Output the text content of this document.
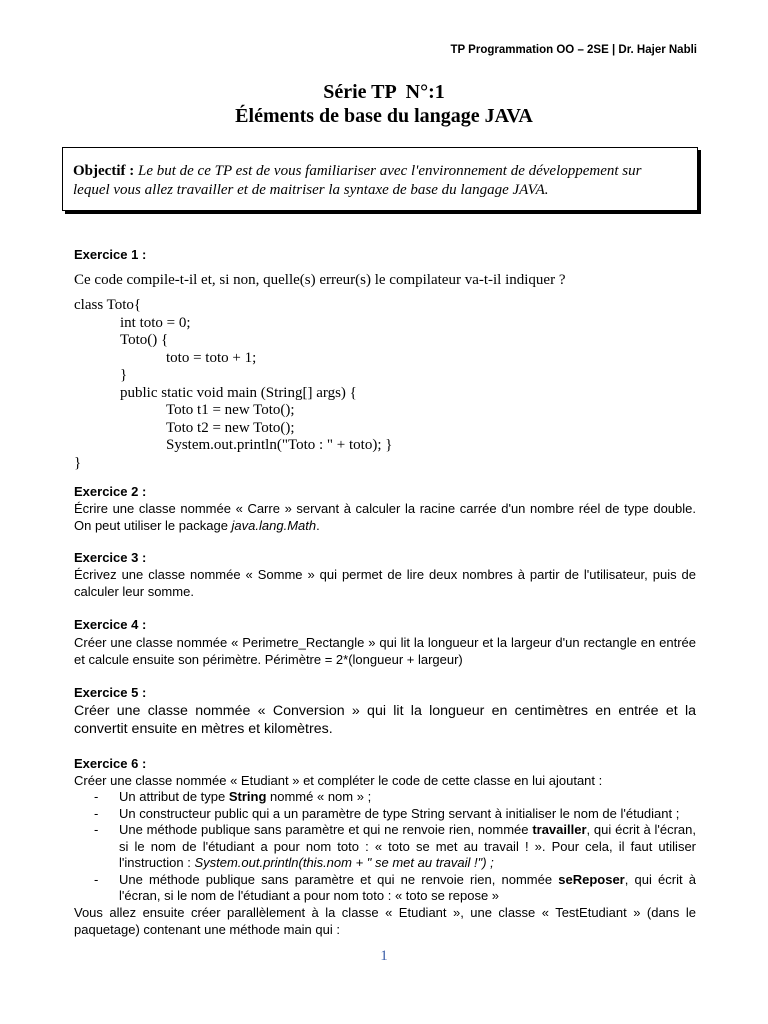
TP Programmation OO – 2SE | Dr. Hajer Nabli
Série TP  N°:1
Éléments de base du langage JAVA
Objectif : Le but de ce TP est de vous familiariser avec l'environnement de développement sur
lequel vous allez travailler et de maitriser la syntaxe de base du langage JAVA.
Exercice 1 :
Ce code compile-t-il et, si non, quelle(s) erreur(s) le compilateur va-t-il indiquer ?
class Toto{
int toto = 0;
Toto() {
toto = toto + 1;
}
public static void main (String[] args) {
Toto t1 = new Toto();
Toto t2 = new Toto();
System.out.println("Toto : " + toto); }
}
Exercice 2 :
Écrire une classe nommée « Carre » servant à calculer la racine carrée d'un nombre réel de type double. On peut utiliser le package java.lang.Math.
Exercice 3 :
Écrivez une classe nommée « Somme » qui permet de lire deux nombres à partir de l'utilisateur, puis de calculer leur somme.
Exercice 4 :
Créer une classe nommée « Perimetre_Rectangle » qui lit la longueur et la largeur d'un rectangle en entrée et calcule ensuite son périmètre. Périmètre = 2*(longueur + largeur)
Exercice 5 :
Créer une classe nommée « Conversion » qui lit la longueur en centimètres en entrée et la convertit ensuite en mètres et kilomètres.
Exercice 6 :
Créer une classe nommée « Etudiant » et compléter le code de cette classe en lui ajoutant :
- Un attribut de type String nommé « nom » ;
- Un constructeur public qui a un paramètre de type String servant à initialiser le nom de l'étudiant ;
- Une méthode publique sans paramètre et qui ne renvoie rien, nommée travailler, qui écrit à l'écran, si le nom de l'étudiant a pour nom toto : « toto se met au travail ! ». Pour cela, il faut utiliser l'instruction : System.out.println(this.nom + " se met au travail !") ;
- Une méthode publique sans paramètre et qui ne renvoie rien, nommée seReposer, qui écrit à l'écran, si le nom de l'étudiant a pour nom toto : « toto se repose »
Vous allez ensuite créer parallèlement à la classe « Etudiant », une classe « TestEtudiant » (dans le paquetage) contenant une méthode main qui :
1
